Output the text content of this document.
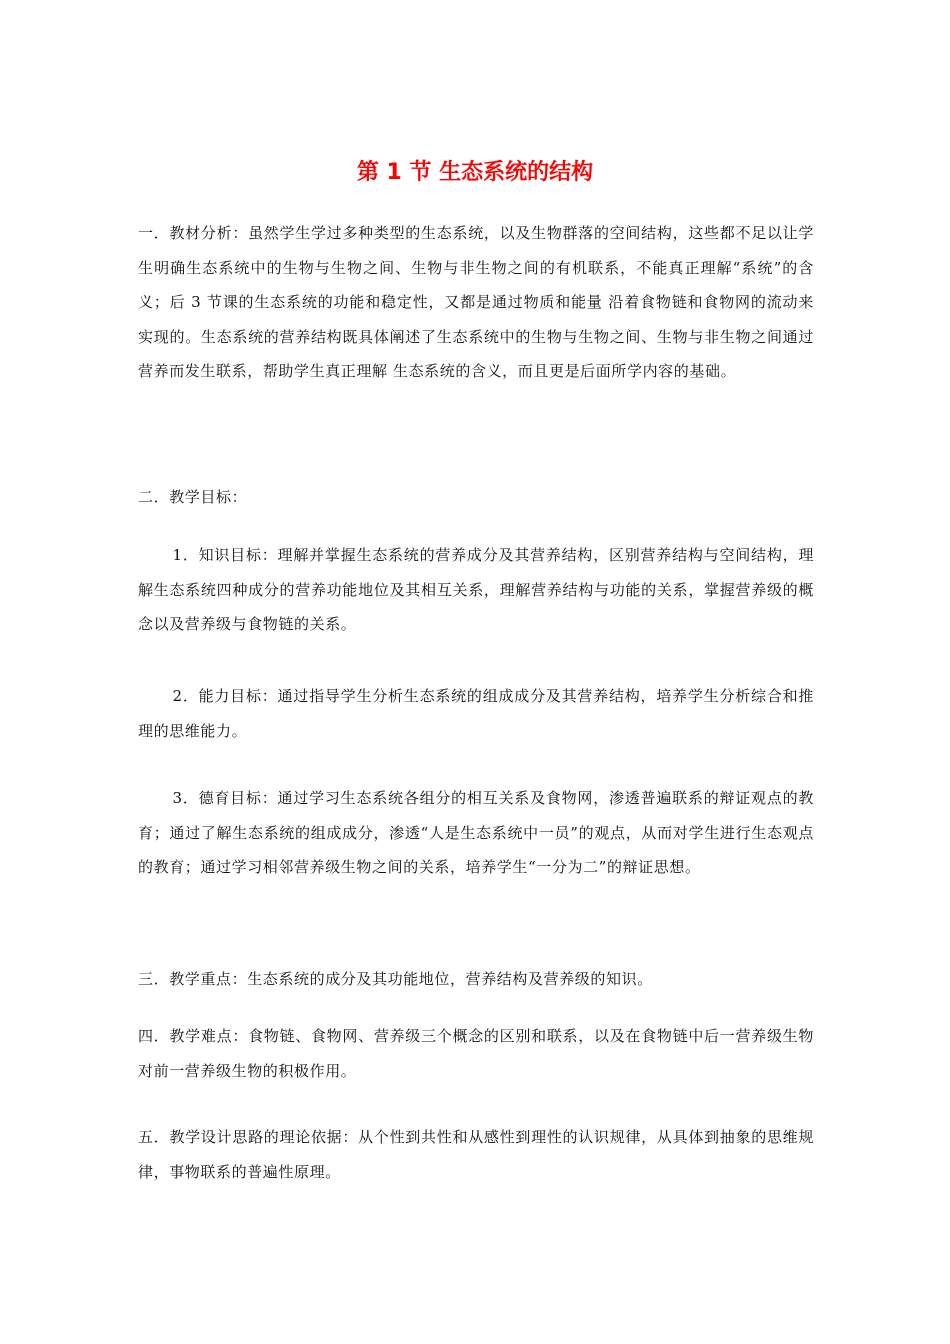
第 1 节 生态系统的结构

一．教材分析：虽然学生学过多种类型的生态系统，以及生物群落的空间结构，这些都不足以让学 生明确生态系统中的生物与生物之间、生物与非生物之间的有机联系，不能真正理解“系统”的含义；后 3 节课的生态系统的功能和稳定性，又都是通过物质和能量 沿着食物链和食物网的流动来实现的。生态系统的营养结构既具体阐述了生态系统中的生物与生物之间、生物与非生物之间通过营养而发生联系，帮助学生真正理解 生态系统的含义，而且更是后面所学内容的基础。

二．教学目标：

1．知识目标：理解并掌握生态系统的营养成分及其营养结构，区别营养结构与空间结构，理解生态系统四种成分的营养功能地位及其相互关系，理解营养结构与功能的关系，掌握营养级的概念以及营养级与食物链的关系。

2．能力目标：通过指导学生分析生态系统的组成成分及其营养结构，培养学生分析综合和推理的思维能力。

3．德育目标：通过学习生态系统各组分的相互关系及食物网，渗透普遍联系的辩证观点的教育；通过了解生态系统的组成成分，渗透“人是生态系统中一员”的观点，从而对学生进行生态观点的教育；通过学习相邻营养级生物之间的关系，培养学生“一分为二”的辩证思想。

三．教学重点：生态系统的成分及其功能地位，营养结构及营养级的知识。

四．教学难点：食物链、食物网、营养级三个概念的区别和联系，以及在食物链中后一营养级生物对前一营养级生物的积极作用。

五．教学设计思路的理论依据：从个性到共性和从感性到理性的认识规律，从具体到抽象的思维规律，事物联系的普遍性原理。
